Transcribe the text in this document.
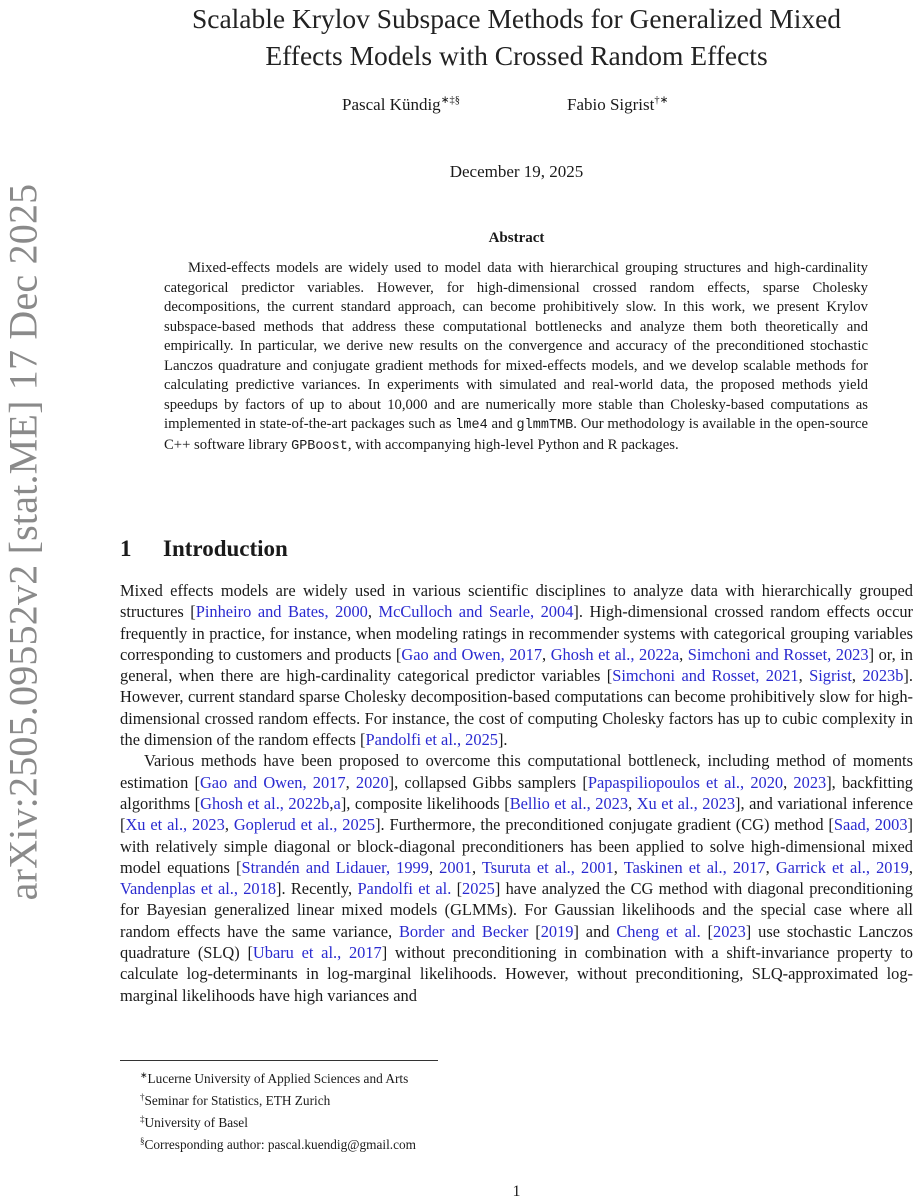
arXiv:2505.09552v2 [stat.ME] 17 Dec 2025
Scalable Krylov Subspace Methods for Generalized Mixed
Effects Models with Crossed Random Effects
Pascal Kündig∗‡§	Fabio Sigrist†∗
December 19, 2025
Abstract

Mixed-effects models are widely used to model data with hierarchical grouping structures and high-cardinality categorical predictor variables. However, for high-dimensional crossed random effects, sparse Cholesky decompositions, the current standard approach, can become prohibitively slow. In this work, we present Krylov subspace-based methods that address these computational bottlenecks and analyze them both theoretically and empirically. In particular, we derive new results on the convergence and accuracy of the preconditioned stochastic Lanczos quadrature and conjugate gradient methods for mixed-effects models, and we develop scalable methods for calculating predictive variances. In experiments with simulated and real-world data, the proposed methods yield speedups by factors of up to about 10,000 and are numerically more stable than Cholesky-based computations as implemented in state-of-the-art packages such as lme4 and glmmTMB. Our methodology is available in the open-source C++ software library GPBoost, with accompanying high-level Python and R packages.

1 Introduction

Mixed effects models are widely used in various scientific disciplines to analyze data with hierarchically grouped structures [Pinheiro and Bates, 2000, McCulloch and Searle, 2004]. High-dimensional crossed random effects occur frequently in practice, for instance, when modeling ratings in recommender systems with categorical grouping variables corresponding to customers and products [Gao and Owen, 2017, Ghosh et al., 2022a, Simchoni and Rosset, 2023] or, in general, when there are high-cardinality categorical predictor variables [Simchoni and Rosset, 2021, Sigrist, 2023b]. However, current standard sparse Cholesky decomposition-based computations can become prohibitively slow for high-dimensional crossed random effects. For instance, the cost of computing Cholesky factors has up to cubic complexity in the dimension of the random effects [Pandolfi et al., 2025].

Various methods have been proposed to overcome this computational bottleneck, including method of moments estimation [Gao and Owen, 2017, 2020], collapsed Gibbs samplers [Papaspiliopoulos et al., 2020, 2023], backfitting algorithms [Ghosh et al., 2022b,a], composite likelihoods [Bellio et al., 2023, Xu et al., 2023], and variational inference [Xu et al., 2023, Goplerud et al., 2025]. Furthermore, the preconditioned conjugate gradient (CG) method [Saad, 2003] with relatively simple diagonal or block-diagonal preconditioners has been applied to solve high-dimensional mixed model equations [Strandén and Lidauer, 1999, 2001, Tsuruta et al., 2001, Taskinen et al., 2017, Garrick et al., 2019, Vandenplas et al., 2018]. Recently, Pandolfi et al. [2025] have analyzed the CG method with diagonal preconditioning for Bayesian generalized linear mixed models (GLMMs). For Gaussian likelihoods and the special case where all random effects have the same variance, Border and Becker [2019] and Cheng et al. [2023] use stochastic Lanczos quadrature (SLQ) [Ubaru et al., 2017] without preconditioning in combination with a shift-invariance property to calculate log-determinants in log-marginal likelihoods. However, without preconditioning, SLQ-approximated log-marginal likelihoods have high variances and

∗Lucerne University of Applied Sciences and Arts
†Seminar for Statistics, ETH Zurich
‡University of Basel
§Corresponding author: pascal.kuendig@gmail.com
1
